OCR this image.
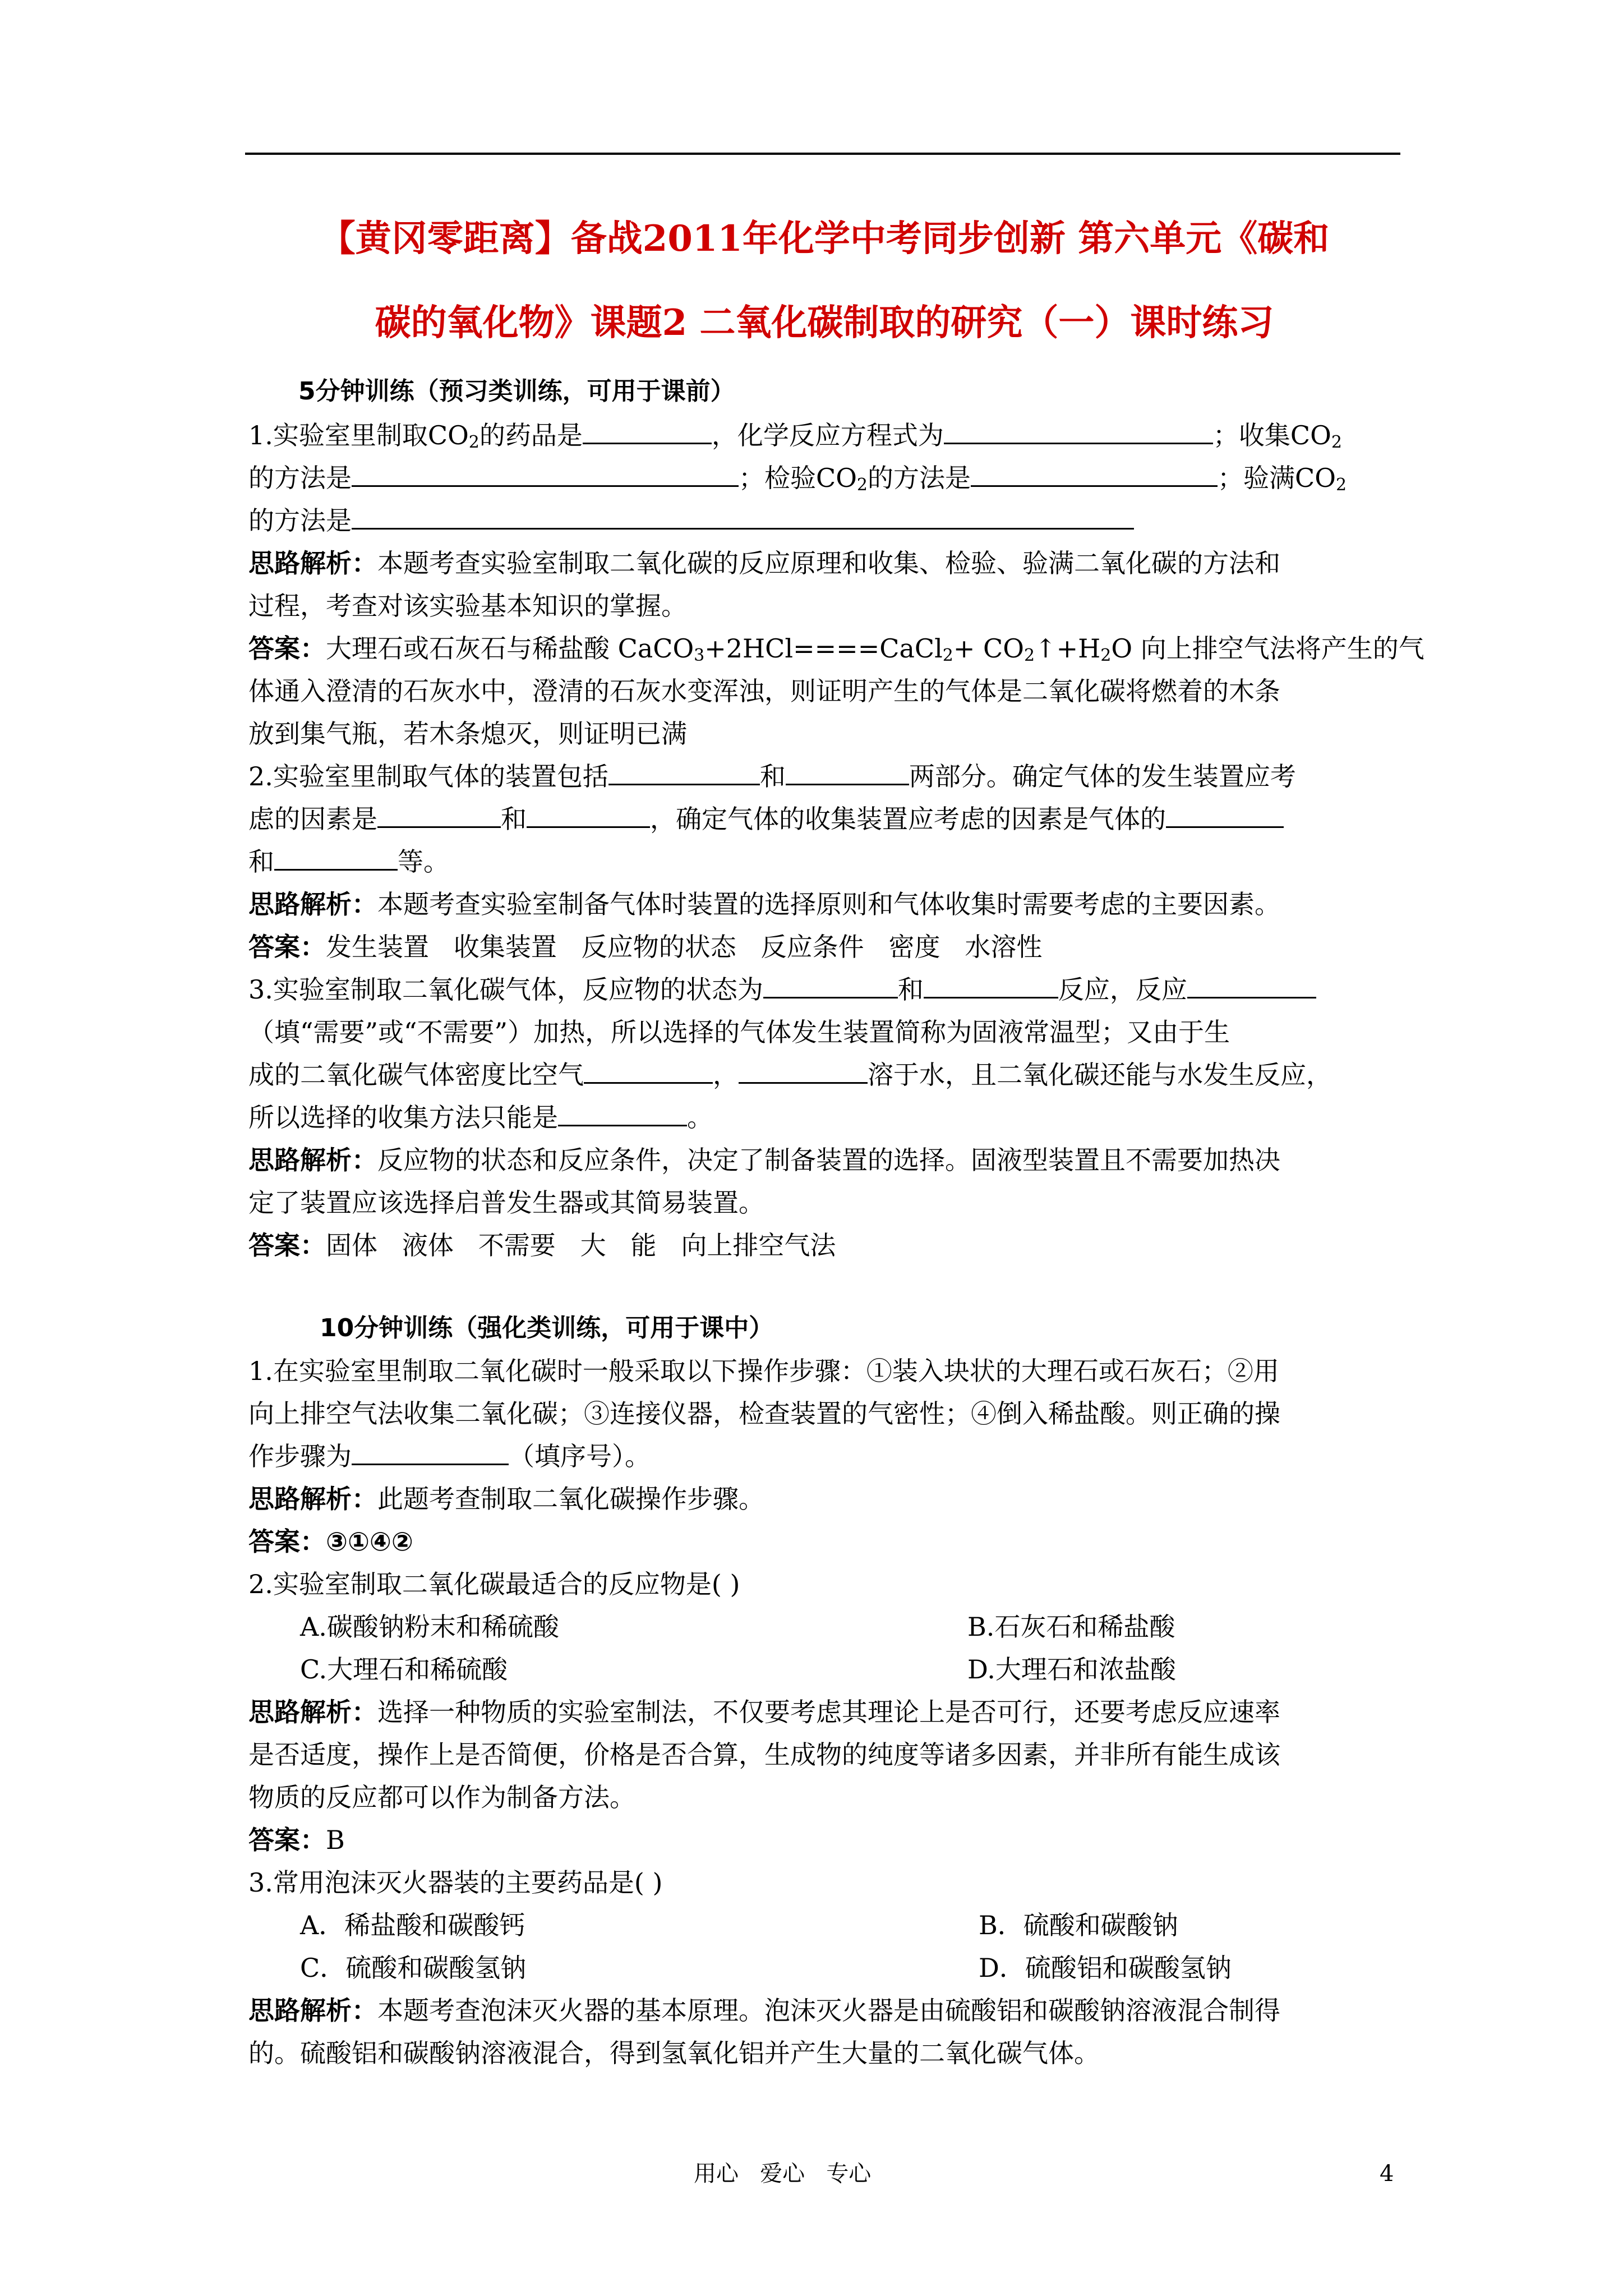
【黄冈零距离】备战2011年化学中考同步创新 第六单元《碳和
碳的氧化物》课题2 二氧化碳制取的研究（一）课时练习
5分钟训练（预习类训练，可用于课前）
1.实验室里制取$CO_2$的药品是	，化学反应方程式为	；收集$CO_2$
的方法是	；检验$CO_2$的方法是	；验满$CO_2$
的方法是
思路解析：本题考查实验室制取二氧化碳的反应原理和收集、检验、验满二氧化碳的方法和
过程，考查对该实验基本知识的掌握。
答案：大理石或石灰石与稀盐酸 CaCO$_3$+2HCl====CaCl$_2$+ $CO_2↑+H_2O$ 向上排空气法将产生的气
体通入澄清的石灰水中，澄清的石灰水变浑浊，则证明产生的气体是二氧化碳将燃着的木条
放到集气瓶，若木条熄灭，则证明已满
2.实验室里制取气体的装置包括	和	两部分。确定气体的发生装置应考
虑的因素是	和	，确定气体的收集装置应考虑的因素是气体的
和	等。
思路解析：本题考查实验室制备气体时装置的选择原则和气体收集时需要考虑的主要因素。
答案：发生装置   收集装置   反应物的状态   反应条件   密度   水溶性
3.实验室制取二氧化碳气体，反应物的状态为	和	反应，反应
（填“需要”或“不需要”）加热，所以选择的气体发生装置简称为固液常温型；又由于生
成的二氧化碳气体密度比空气	，	溶于水，且二氧化碳还能与水发生反应，
所以选择的收集方法只能是	。
思路解析：反应物的状态和反应条件，决定了制备装置的选择。固液型装置且不需要加热决
定了装置应该选择启普发生器或其简易装置。
答案：固体   液体   不需要   大   能   向上排空气法
10分钟训练（强化类训练，可用于课中）
1.在实验室里制取二氧化碳时一般采取以下操作步骤：①装入块状的大理石或石灰石；②用
向上排空气法收集二氧化碳；③连接仪器，检查装置的气密性；④倒入稀盐酸。则正确的操
作步骤为	（填序号）。
思路解析：此题考查制取二氧化碳操作步骤。
答案：③①④②
2.实验室制取二氧化碳最适合的反应物是( )
A.碳酸钠粉末和稀硫酸	B.石灰石和稀盐酸
C.大理石和稀硫酸	D.大理石和浓盐酸
思路解析：选择一种物质的实验室制法，不仅要考虑其理论上是否可行，还要考虑反应速率
是否适度，操作上是否简便，价格是否合算，生成物的纯度等诸多因素，并非所有能生成该
物质的反应都可以作为制备方法。
答案：B
3.常用泡沫灭火器装的主要药品是( )
A．稀盐酸和碳酸钙	B．硫酸和碳酸钠
C．硫酸和碳酸氢钠	D．硫酸铝和碳酸氢钠
思路解析：本题考查泡沫灭火器的基本原理。泡沫灭火器是由硫酸铝和碳酸钠溶液混合制得
的。硫酸铝和碳酸钠溶液混合，得到氢氧化铝并产生大量的二氧化碳气体。
用心   爱心   专心	4
